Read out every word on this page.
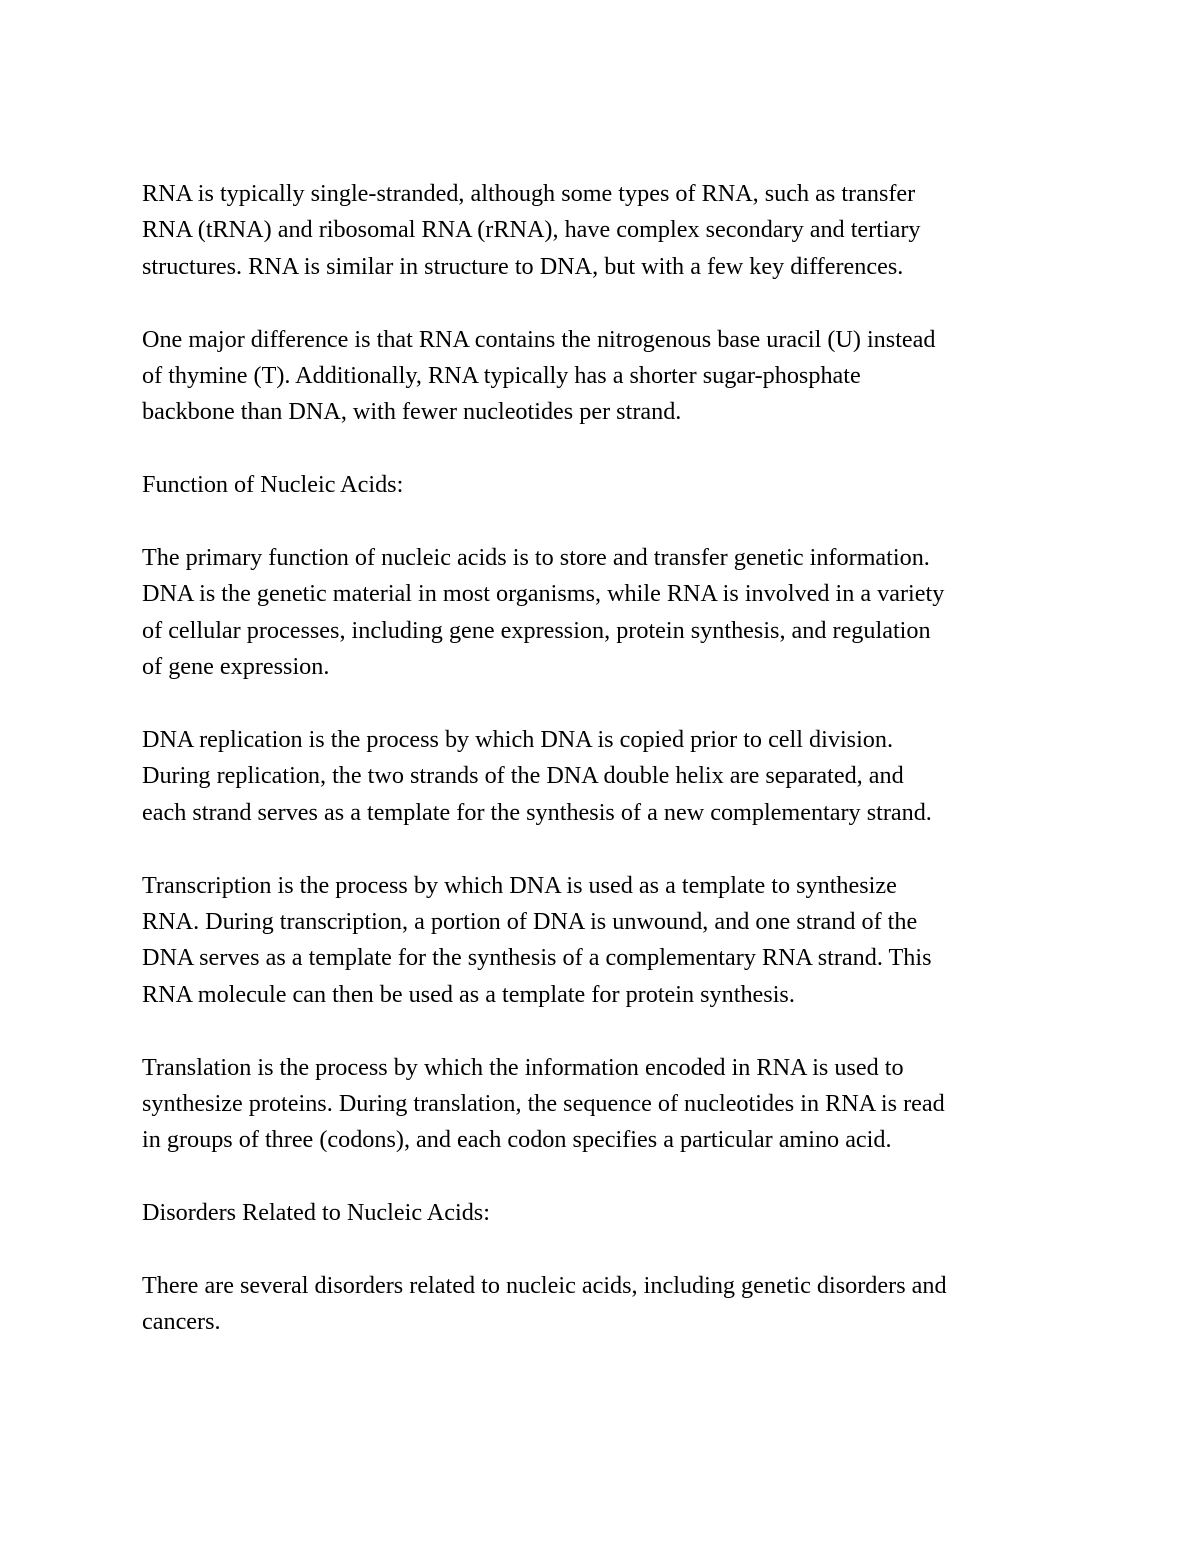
RNA is typically single-stranded, although some types of RNA, such as transfer
RNA (tRNA) and ribosomal RNA (rRNA), have complex secondary and tertiary
structures. RNA is similar in structure to DNA, but with a few key differences.

One major difference is that RNA contains the nitrogenous base uracil (U) instead
of thymine (T). Additionally, RNA typically has a shorter sugar-phosphate
backbone than DNA, with fewer nucleotides per strand.

Function of Nucleic Acids:

The primary function of nucleic acids is to store and transfer genetic information.
DNA is the genetic material in most organisms, while RNA is involved in a variety
of cellular processes, including gene expression, protein synthesis, and regulation
of gene expression.

DNA replication is the process by which DNA is copied prior to cell division.
During replication, the two strands of the DNA double helix are separated, and
each strand serves as a template for the synthesis of a new complementary strand.

Transcription is the process by which DNA is used as a template to synthesize
RNA. During transcription, a portion of DNA is unwound, and one strand of the
DNA serves as a template for the synthesis of a complementary RNA strand. This
RNA molecule can then be used as a template for protein synthesis.

Translation is the process by which the information encoded in RNA is used to
synthesize proteins. During translation, the sequence of nucleotides in RNA is read
in groups of three (codons), and each codon specifies a particular amino acid.

Disorders Related to Nucleic Acids:

There are several disorders related to nucleic acids, including genetic disorders and
cancers.
